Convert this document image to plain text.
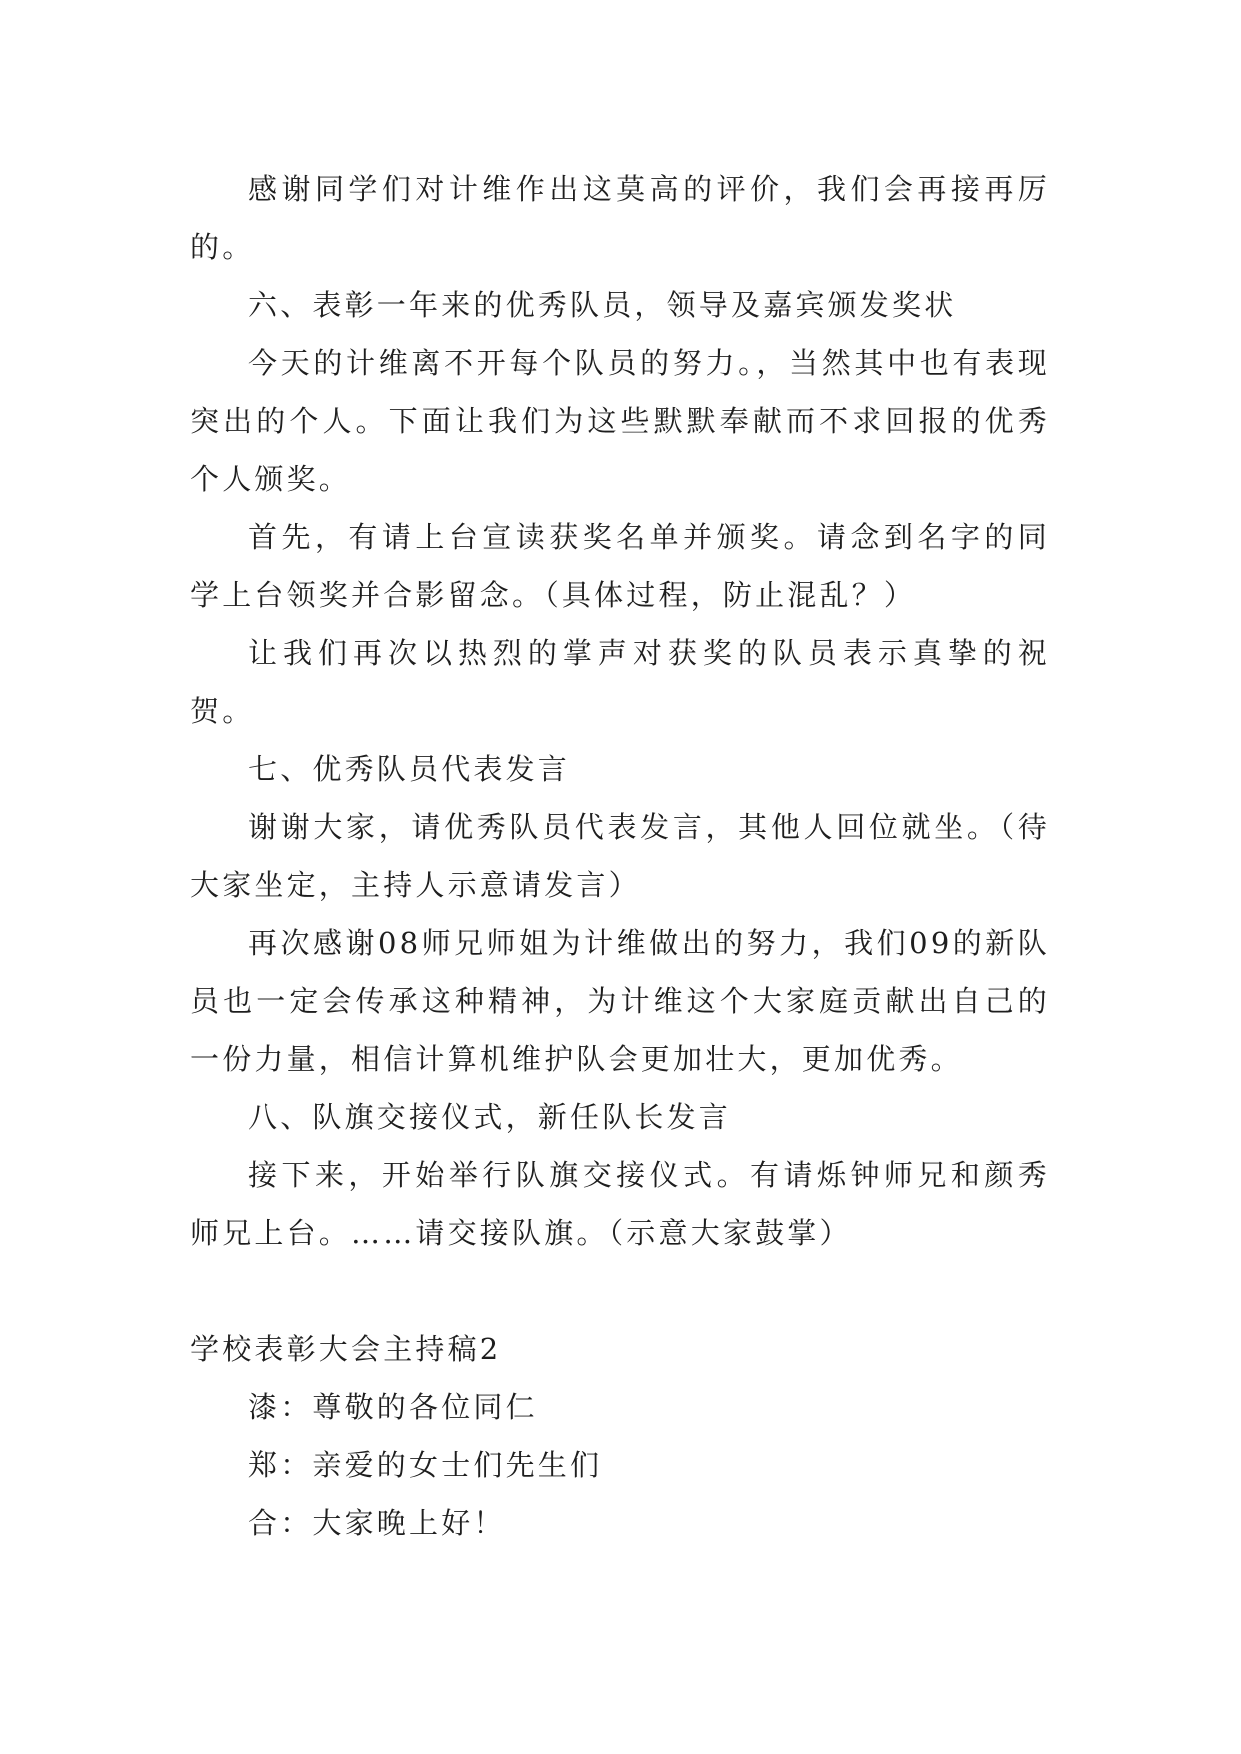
感谢同学们对计维作出这莫高的评价，我们会再接再厉的。

六、表彰一年来的优秀队员，领导及嘉宾颁发奖状

今天的计维离不开每个队员的努力。，当然其中也有表现突出的个人。下面让我们为这些默默奉献而不求回报的优秀个人颁奖。

首先，有请上台宣读获奖名单并颁奖。请念到名字的同学上台领奖并合影留念。（具体过程，防止混乱？）

让我们再次以热烈的掌声对获奖的队员表示真挚的祝贺。

七、优秀队员代表发言

谢谢大家，请优秀队员代表发言，其他人回位就坐。（待大家坐定，主持人示意请发言）

再次感谢08师兄师姐为计维做出的努力，我们09的新队员也一定会传承这种精神，为计维这个大家庭贡献出自己的一份力量，相信计算机维护队会更加壮大，更加优秀。

八、队旗交接仪式，新任队长发言

接下来，开始举行队旗交接仪式。有请烁钟师兄和颜秀师兄上台。……请交接队旗。（示意大家鼓掌）

学校表彰大会主持稿2

漆：尊敬的各位同仁

郑：亲爱的女士们先生们

合：大家晚上好！
